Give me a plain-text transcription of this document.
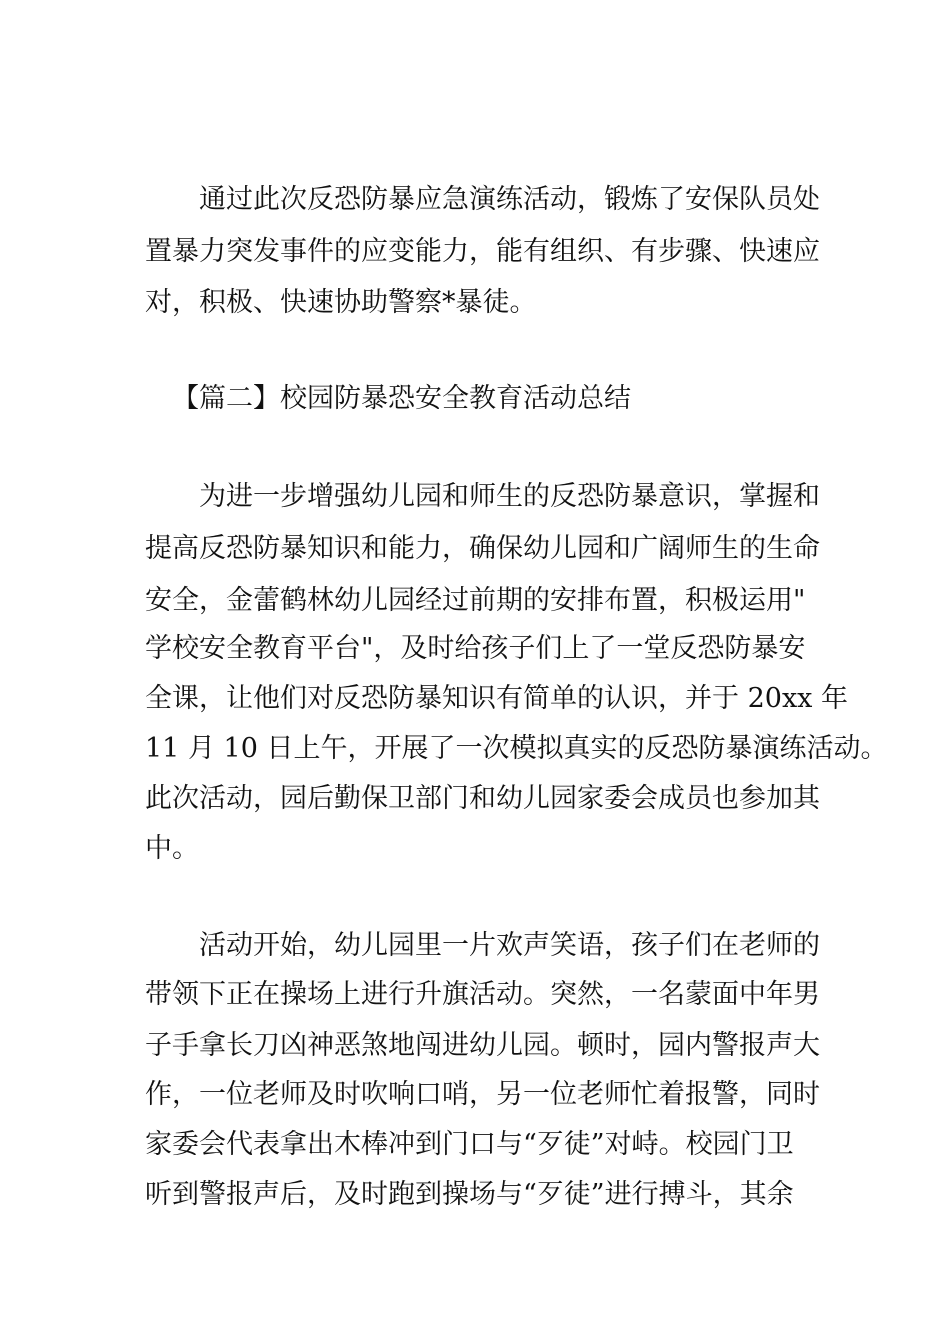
通过此次反恐防暴应急演练活动，锻炼了安保队员处
置暴力突发事件的应变能力，能有组织、有步骤、快速应
对，积极、快速协助警察*暴徒。
【篇二】校园防暴恐安全教育活动总结
为进一步增强幼儿园和师生的反恐防暴意识，掌握和
提高反恐防暴知识和能力，确保幼儿园和广阔师生的生命
安全，金蕾鹤林幼儿园经过前期的安排布置，积极运用"
学校安全教育平台"，及时给孩子们上了一堂反恐防暴安
全课，让他们对反恐防暴知识有简单的认识，并于 20xx 年
11 月 10 日上午，开展了一次模拟真实的反恐防暴演练活动。
此次活动，园后勤保卫部门和幼儿园家委会成员也参加其
中。
活动开始，幼儿园里一片欢声笑语，孩子们在老师的
带领下正在操场上进行升旗活动。突然，一名蒙面中年男
子手拿长刀凶神恶煞地闯进幼儿园。顿时，园内警报声大
作，一位老师及时吹响口哨，另一位老师忙着报警，同时
家委会代表拿出木棒冲到门口与“歹徒”对峙。校园门卫
听到警报声后，及时跑到操场与“歹徒”进行搏斗，其余
